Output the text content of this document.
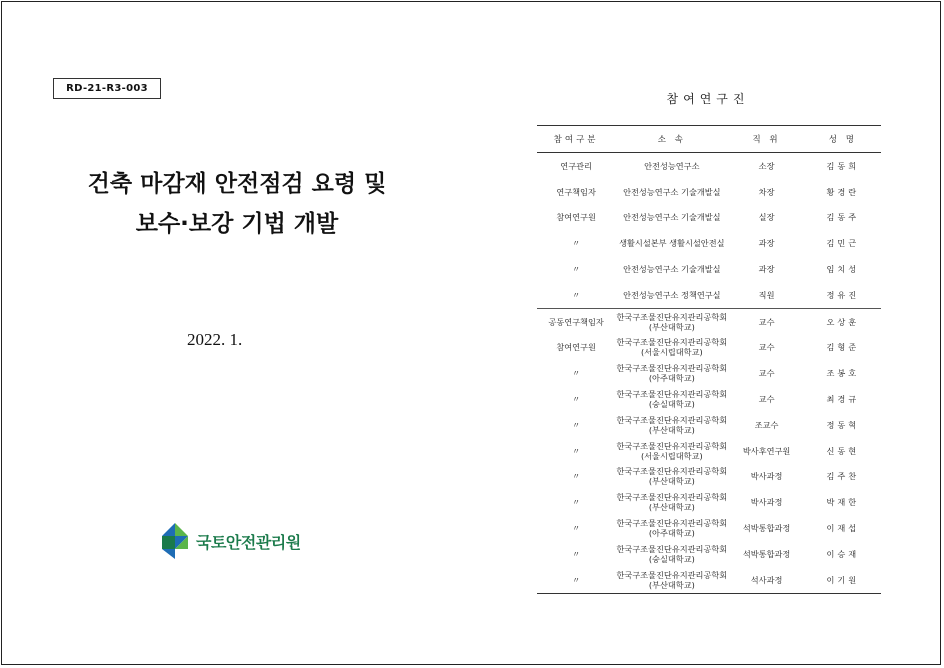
RD-21-R3-003
건축 마감재 안전점검 요령 및
보수·보강 기법 개발
2022. 1.
국토안전관리원
참여연구진
참여구분	소 속	직 위	성 명
연구관리	안전성능연구소	소장	김동희
연구책임자	안전성능연구소 기술개발실	차장	황경란
참여연구원	안전성능연구소 기술개발실	실장	김동주
〃	생활시설본부 생활시설안전실	과장	김민근
〃	안전성능연구소 기술개발실	과장	임치성
〃	안전성능연구소 정책연구실	직원	정유진
공동연구책임자	한국구조물진단유지관리공학회
(부산대학교)	교수	오상훈
참여연구원	한국구조물진단유지관리공학회
(서울시립대학교)	교수	김형준
〃	한국구조물진단유지관리공학회
(아주대학교)	교수	조봉호
〃	한국구조물진단유지관리공학회
(숭실대학교)	교수	최경규
〃	한국구조물진단유지관리공학회
(부산대학교)	조교수	정동혁
〃	한국구조물진단유지관리공학회
(서울시립대학교)	박사후연구원	신동현
〃	한국구조물진단유지관리공학회
(부산대학교)	박사과정	김주찬
〃	한국구조물진단유지관리공학회
(부산대학교)	박사과정	박재한
〃	한국구조물진단유지관리공학회
(아주대학교)	석박통합과정	이재섭
〃	한국구조물진단유지관리공학회
(숭실대학교)	석박통합과정	이승재
〃	한국구조물진단유지관리공학회
(부산대학교)	석사과정	이기원
